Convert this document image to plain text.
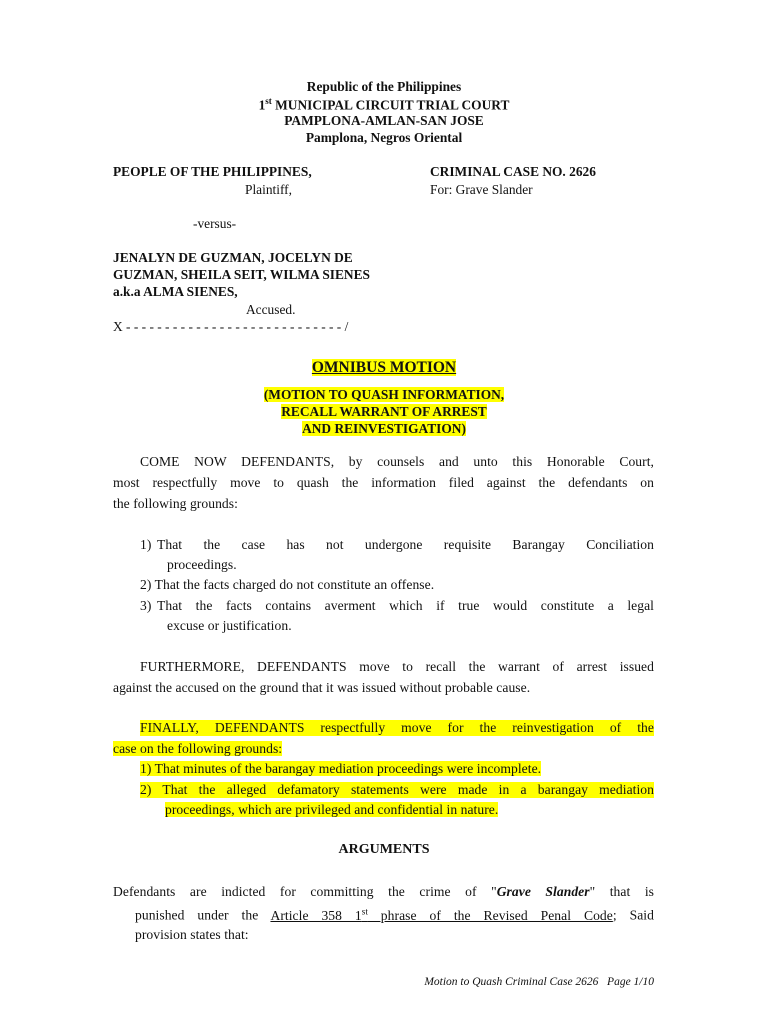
Republic of the Philippines
1st MUNICIPAL CIRCUIT TRIAL COURT
PAMPLONA-AMLAN-SAN JOSE
Pamplona, Negros Oriental
PEOPLE OF THE PHILIPPINES,
Plaintiff,
CRIMINAL CASE NO. 2626
For: Grave Slander
-versus-
JENALYN DE GUZMAN, JOCELYN DE
GUZMAN, SHEILA SEIT, WILMA SIENES
a.k.a ALMA SIENES,
Accused.
X - - - - - - - - - - - - - - - - - - - - - - - - - - - - /
OMNIBUS MOTION
(MOTION TO QUASH INFORMATION,
RECALL WARRANT OF ARREST
AND REINVESTIGATION)
COME NOW DEFENDANTS, by counsels and unto this Honorable Court,
most respectfully move to quash the information filed against the defendants on
the following grounds:
1) That the case has not undergone requisite Barangay Conciliation
proceedings.
2) That the facts charged do not constitute an offense.
3) That the facts contains averment which if true would constitute a legal
excuse or justification.
FURTHERMORE, DEFENDANTS move to recall the warrant of arrest issued
against the accused on the ground that it was issued without probable cause.
FINALLY, DEFENDANTS respectfully move for the reinvestigation of the
case on the following grounds:
1) That minutes of the barangay mediation proceedings were incomplete.
2) That the alleged defamatory statements were made in a barangay mediation
proceedings, which are privileged and confidential in nature.
ARGUMENTS
Defendants are indicted for committing the crime of "Grave Slander" that is
punished under the Article 358 1st phrase of the Revised Penal Code; Said
provision states that:
Motion to Quash Criminal Case 2626   Page 1/10
